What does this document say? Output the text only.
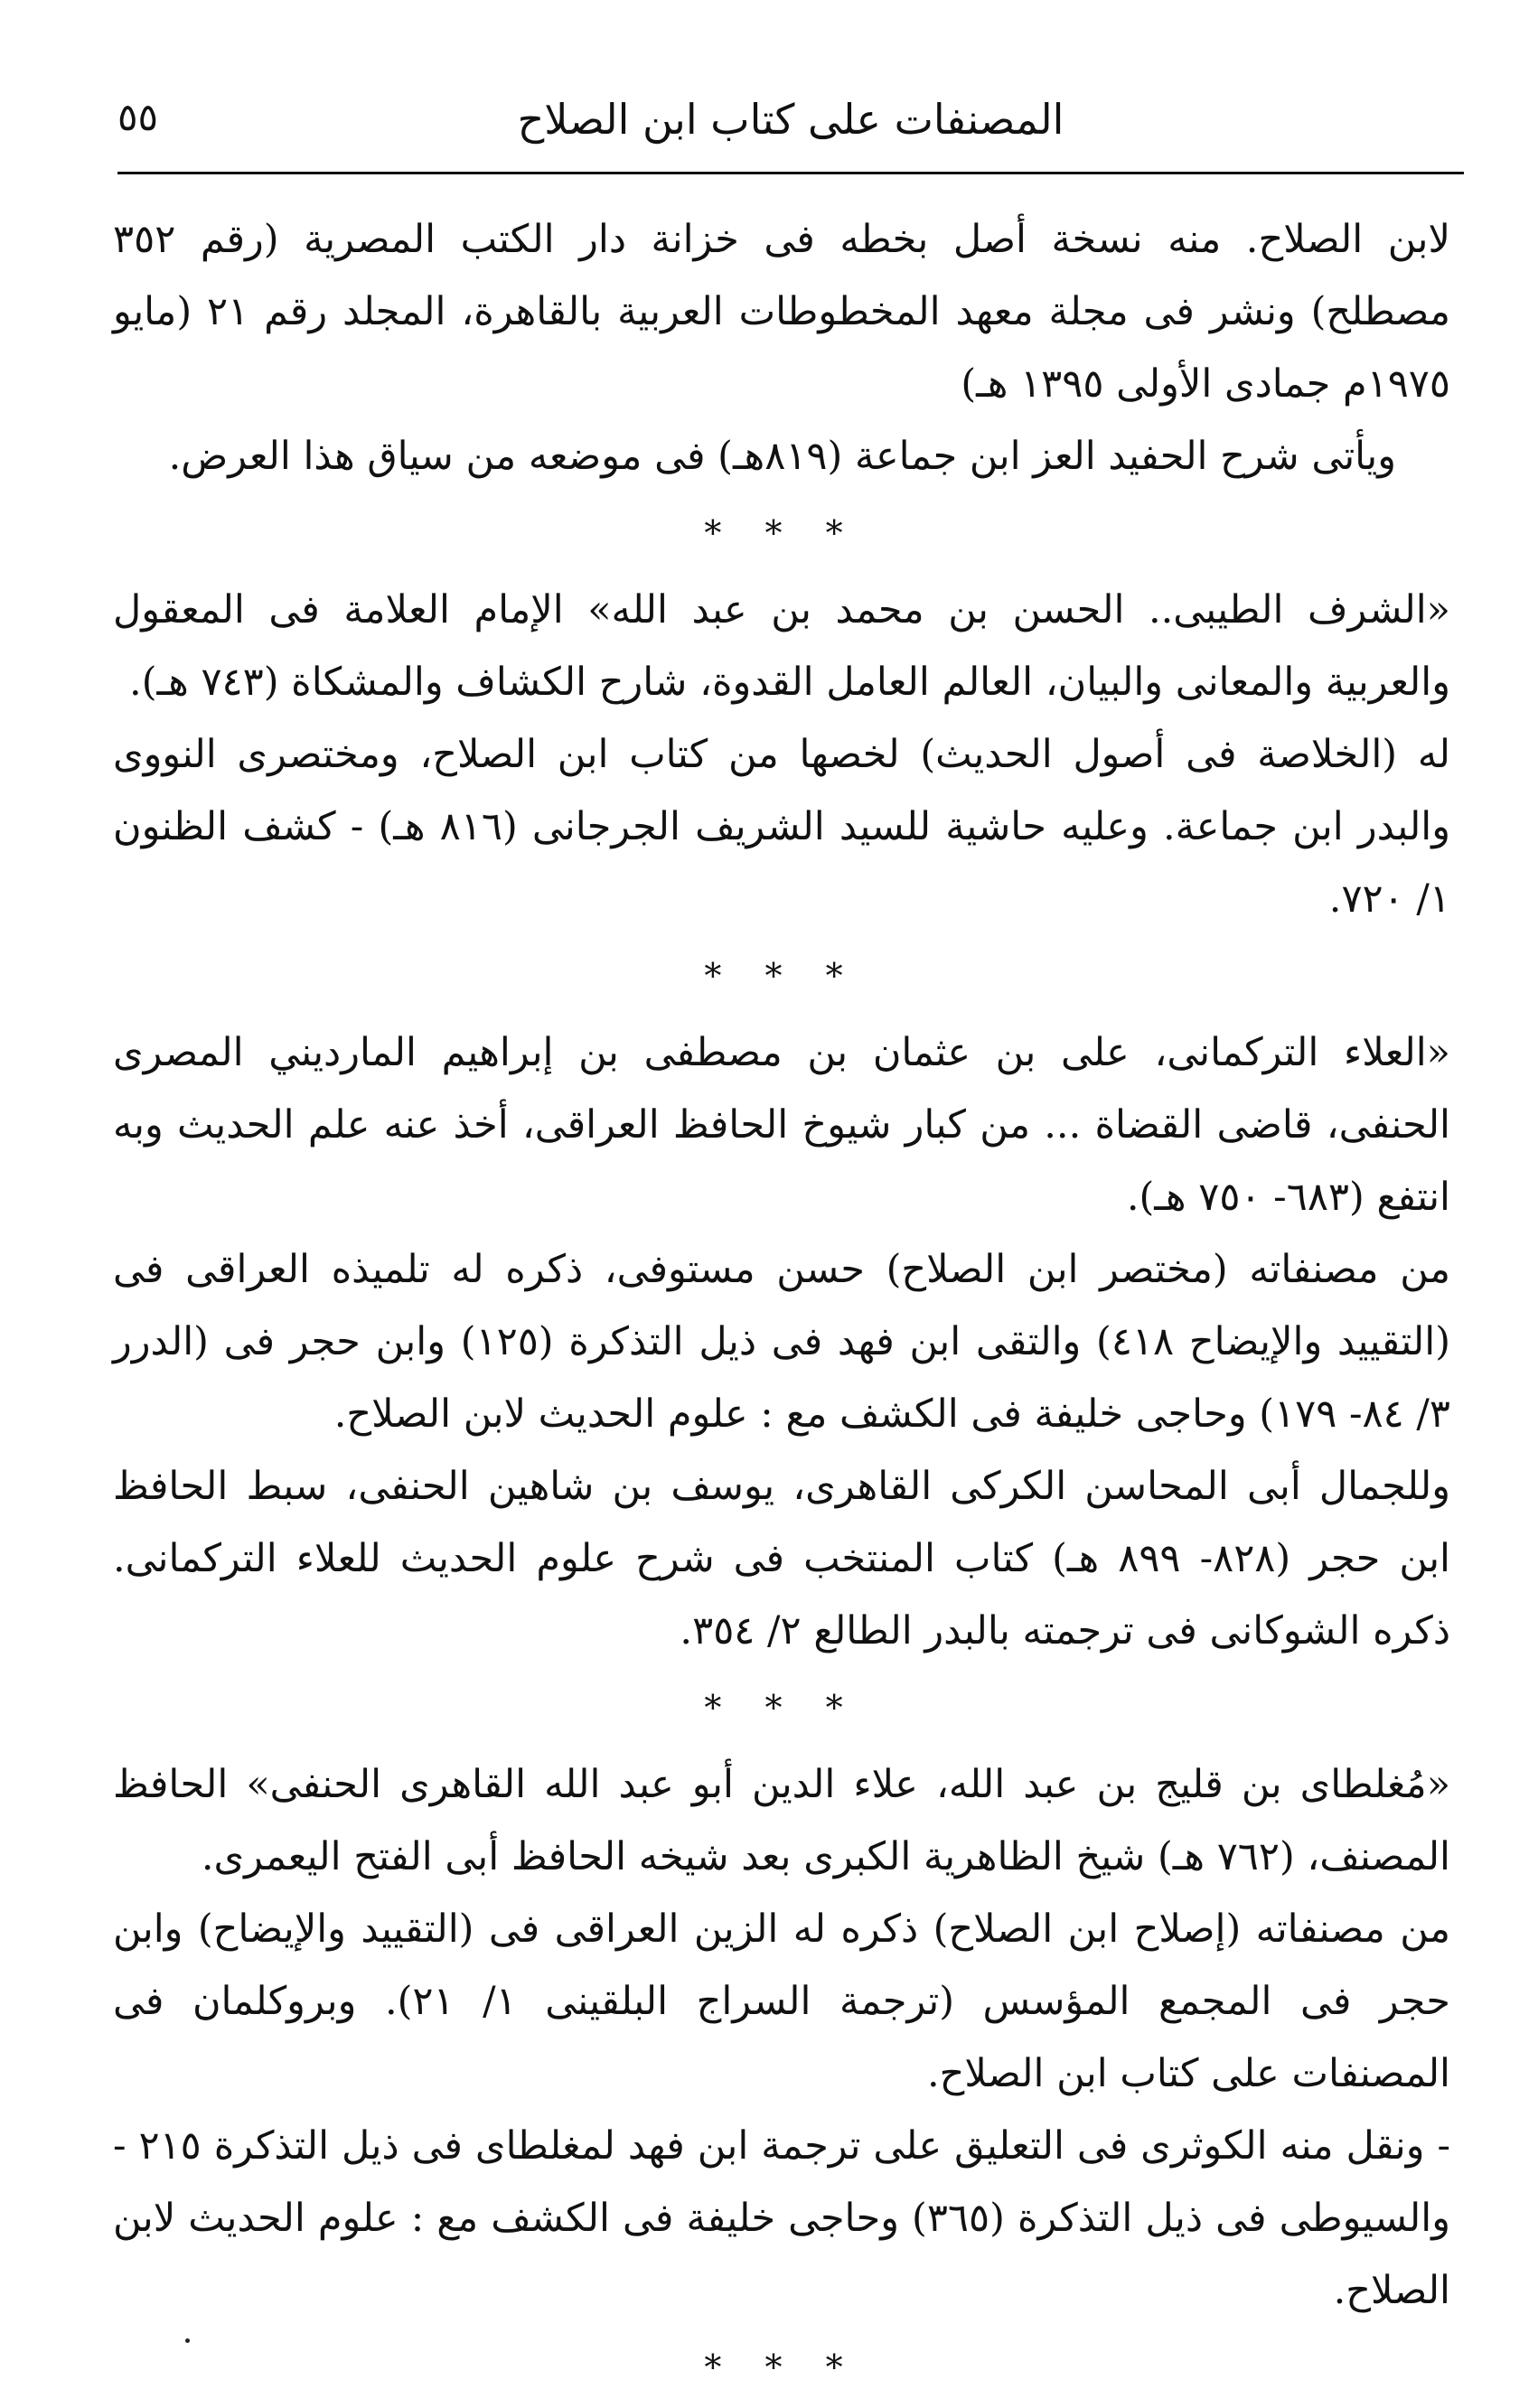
٥٥	المصنفات على كتاب ابن الصلاح

لابن الصلاح. منه نسخة أصل بخطه فى خزانة دار الكتب المصرية (رقم ٣٥٢ مصطلح) ونشر فى مجلة معهد المخطوطات العربية بالقاهرة، المجلد رقم ٢١ (مايو ١٩٧٥م جمادى الأولى ١٣٩٥ هـ)

ويأتى شرح الحفيد العز ابن جماعة (٨١٩هـ) فى موضعه من سياق هذا العرض.

* * *

«الشرف الطيبى.. الحسن بن محمد بن عبد الله» الإمام العلامة فى المعقول والعربية والمعانى والبيان، العالم العامل القدوة، شارح الكشاف والمشكاة (٧٤٣ هـ).

له (الخلاصة فى أصول الحديث) لخصها من كتاب ابن الصلاح، ومختصرى النووى والبدر ابن جماعة. وعليه حاشية للسيد الشريف الجرجانى (٨١٦ هـ) - كشف الظنون ١/ ٧٢٠.

* * *

«العلاء التركمانى، على بن عثمان بن مصطفى بن إبراهيم المارديني المصرى الحنفى، قاضى القضاة ... من كبار شيوخ الحافظ العراقى، أخذ عنه علم الحديث وبه انتفع (٦٨٣- ٧٥٠ هـ).

من مصنفاته (مختصر ابن الصلاح) حسن مستوفى، ذكره له تلميذه العراقى فى (التقييد والإيضاح ٤١٨) والتقى ابن فهد فى ذيل التذكرة (١٢٥) وابن حجر فى (الدرر ٣/ ٨٤- ١٧٩) وحاجى خليفة فى الكشف مع : علوم الحديث لابن الصلاح.

وللجمال أبى المحاسن الكركى القاهرى، يوسف بن شاهين الحنفى، سبط الحافظ ابن حجر (٨٢٨- ٨٩٩ هـ) كتاب المنتخب فى شرح علوم الحديث للعلاء التركمانى. ذكره الشوكانى فى ترجمته بالبدر الطالع ٢/ ٣٥٤.

* * *

«مُغلطاى بن قليج بن عبد الله، علاء الدين أبو عبد الله القاهرى الحنفى» الحافظ المصنف، (٧٦٢ هـ) شيخ الظاهرية الكبرى بعد شيخه الحافظ أبى الفتح اليعمرى.

من مصنفاته (إصلاح ابن الصلاح) ذكره له الزين العراقى فى (التقييد والإيضاح) وابن حجر فى المجمع المؤسس (ترجمة السراج البلقينى ١/ ٢١). وبروكلمان فى المصنفات على كتاب ابن الصلاح.

- ونقل منه الكوثرى فى التعليق على ترجمة ابن فهد لمغلطاى فى ذيل التذكرة ٢١٥ - والسيوطى فى ذيل التذكرة (٣٦٥) وحاجى خليفة فى الكشف مع : علوم الحديث لابن الصلاح.

* * *
